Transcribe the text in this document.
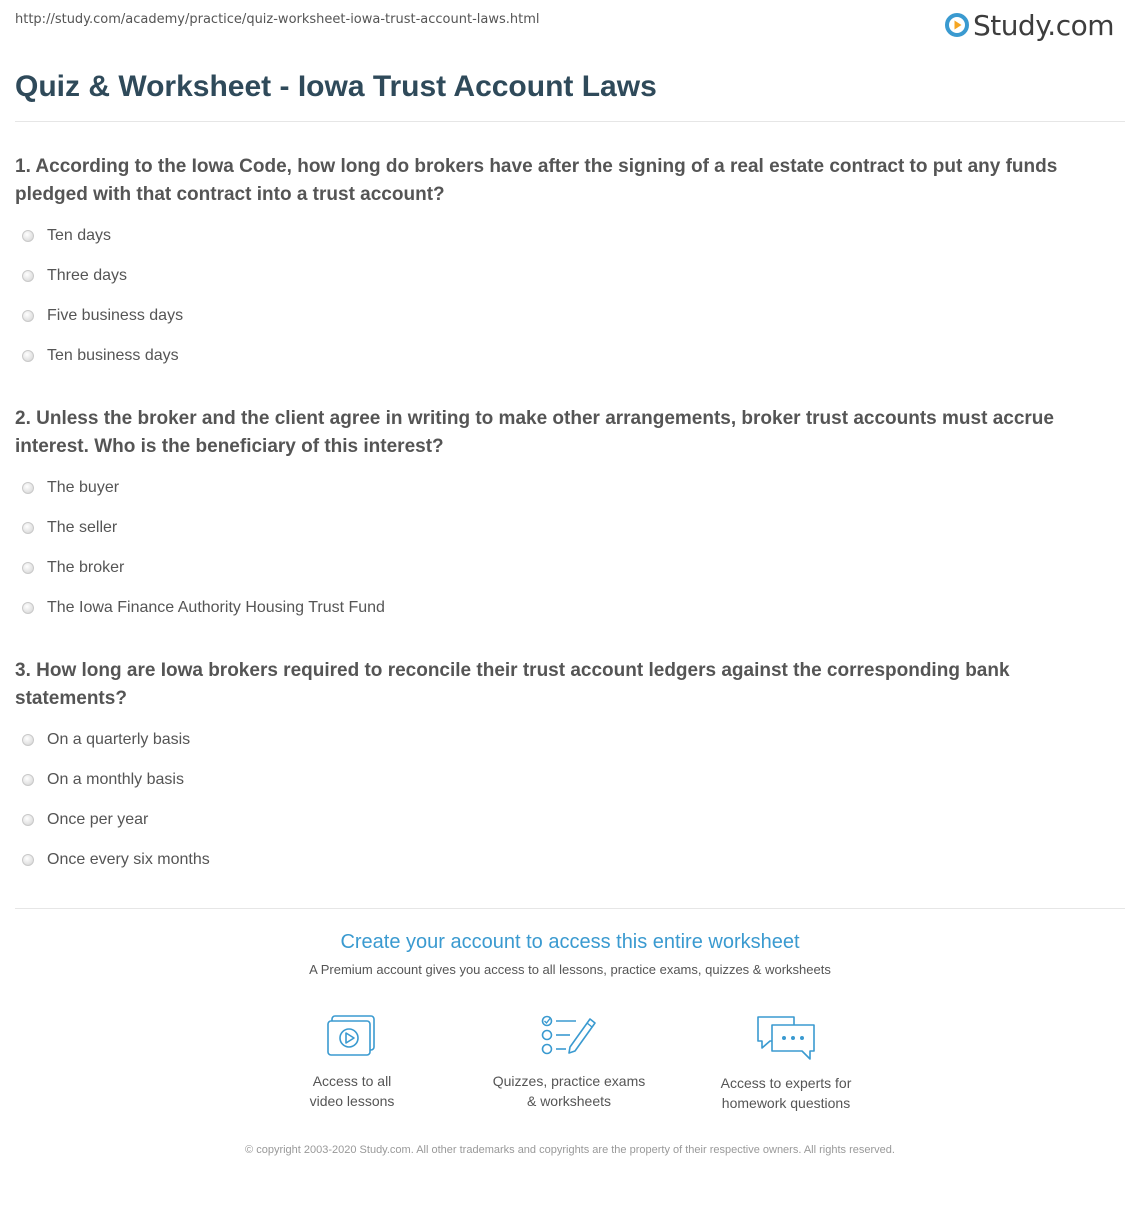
http://study.com/academy/practice/quiz-worksheet-iowa-trust-account-laws.html	Study.com
Quiz & Worksheet - Iowa Trust Account Laws
1. According to the Iowa Code, how long do brokers have after the signing of a real estate contract to put any funds pledged with that contract into a trust account?
Ten days
Three days
Five business days
Ten business days
2. Unless the broker and the client agree in writing to make other arrangements, broker trust accounts must accrue interest. Who is the beneficiary of this interest?
The buyer
The seller
The broker
The Iowa Finance Authority Housing Trust Fund
3. How long are Iowa brokers required to reconcile their trust account ledgers against the corresponding bank statements?
On a quarterly basis
On a monthly basis
Once per year
Once every six months
Create your account to access this entire worksheet
A Premium account gives you access to all lessons, practice exams, quizzes & worksheets
Access to all
video lessons
Quizzes, practice exams
& worksheets
Access to experts for
homework questions
© copyright 2003-2020 Study.com. All other trademarks and copyrights are the property of their respective owners. All rights reserved.
